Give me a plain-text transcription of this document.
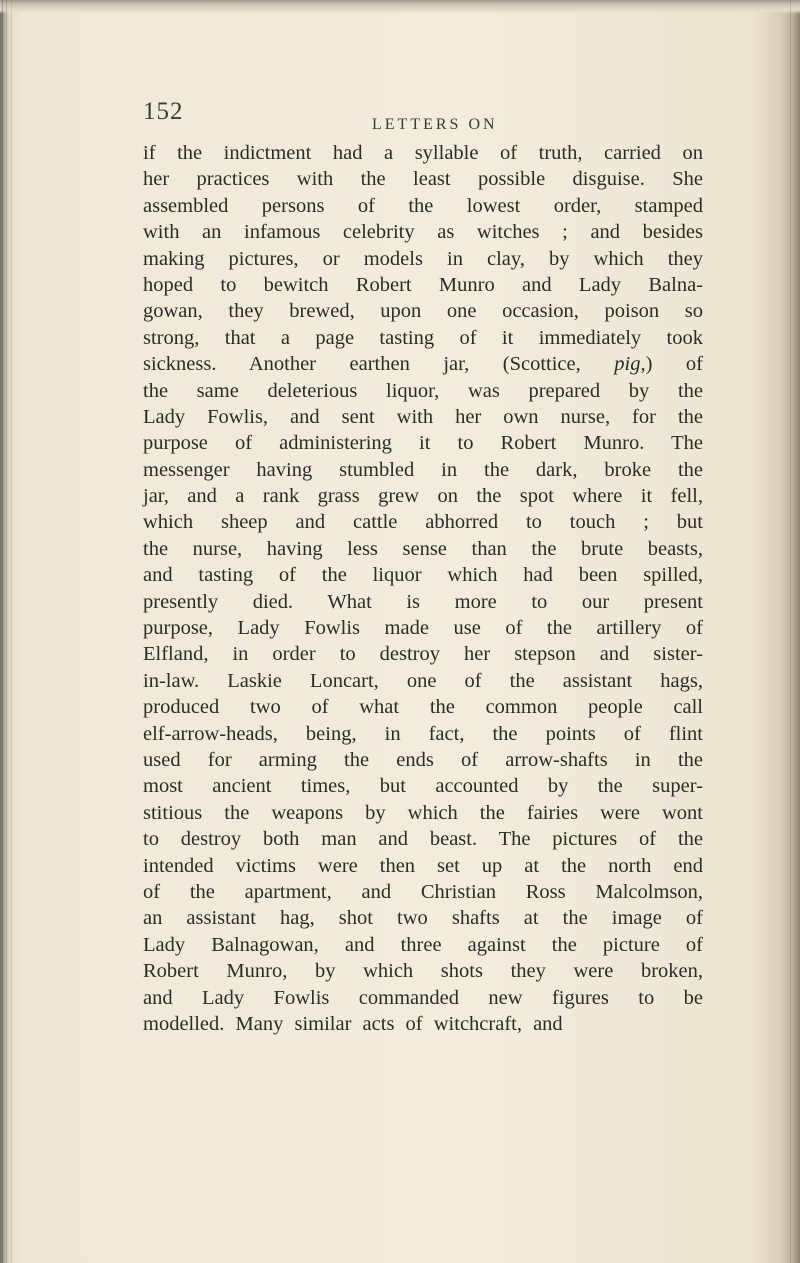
152	LETTERS ON
if the indictment had a syllable of truth, carried on
her practices with the least possible disguise. She
assembled persons of the lowest order, stamped
with an infamous celebrity as witches ; and besides
making pictures, or models in clay, by which they
hoped to bewitch Robert Munro and Lady Balna-
gowan, they brewed, upon one occasion, poison so
strong, that a page tasting of it immediately took
sickness. Another earthen jar, (Scottice, pig,) of
the same deleterious liquor, was prepared by the
Lady Fowlis, and sent with her own nurse, for the
purpose of administering it to Robert Munro. The
messenger having stumbled in the dark, broke the
jar, and a rank grass grew on the spot where it fell,
which sheep and cattle abhorred to touch ; but
the nurse, having less sense than the brute beasts,
and tasting of the liquor which had been spilled,
presently died. What is more to our present
purpose, Lady Fowlis made use of the artillery of
Elfland, in order to destroy her stepson and sister-
in-law. Laskie Loncart, one of the assistant hags,
produced two of what the common people call
elf-arrow-heads, being, in fact, the points of flint
used for arming the ends of arrow-shafts in the
most ancient times, but accounted by the super-
stitious the weapons by which the fairies were wont
to destroy both man and beast. The pictures of the
intended victims were then set up at the north end
of the apartment, and Christian Ross Malcolmson,
an assistant hag, shot two shafts at the image of
Lady Balnagowan, and three against the picture of
Robert Munro, by which shots they were broken,
and Lady Fowlis commanded new figures to be
modelled. Many similar acts of witchcraft, and
